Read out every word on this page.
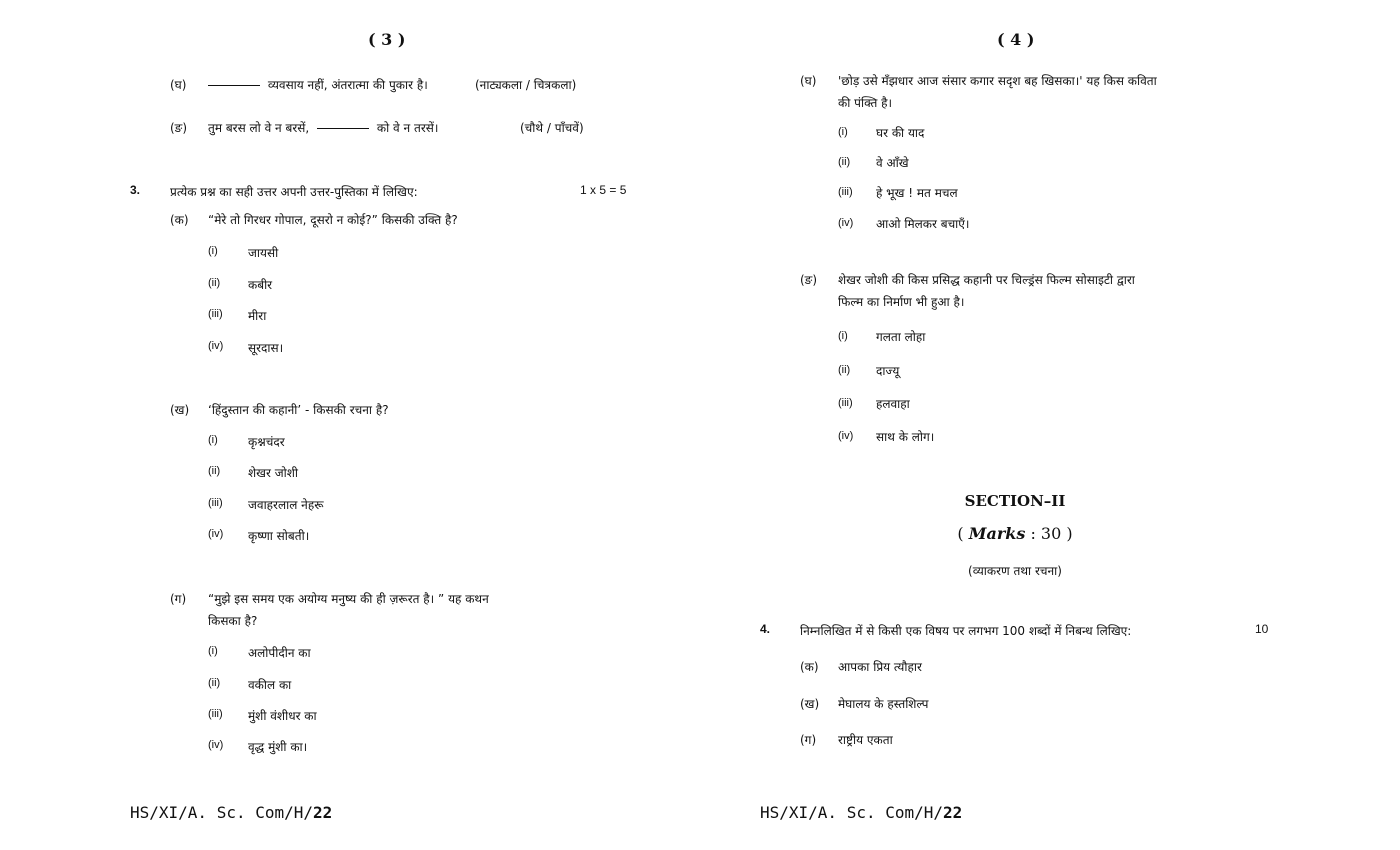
( 3 )
(घ)	व्यवसाय नहीं, अंतरात्मा की पुकार है।	(नाट्यकला / चित्रकला)
(ङ) तुम बरस लो वे न बरसें,	को वे न तरसें।	(चौथे / पाँचवें)
3. प्रत्येक प्रश्न का सही उत्तर अपनी उत्तर-पुस्तिका में लिखिए:	1 x 5 = 5
(क) “मेरे तो गिरधर गोपाल, दूसरो न कोई?” किसकी उक्ति है?
(i)	जायसी
(ii) कबीर
(iii) मीरा
(iv) सूरदास।
(ख) ‘हिंदुस्तान की कहानी’ - किसकी रचना है?
(i)	कृश्नचंदर
(ii) शेखर जोशी
(iii) जवाहरलाल नेहरू
(iv) कृष्णा सोबती।
(ग) “मुझे इस समय एक अयोग्य मनुष्य की ही ज़रूरत है। ” यह कथन
किसका है?
(i)	अलोपीदीन का
(ii) वकील का
(iii) मुंशी वंशीधर का
(iv) वृद्ध मुंशी का।
HS/XI/A. Sc. Com/H/22
( 4 )
(घ) 'छोड़ उसे मँझधार आज संसार कगार सदृश बह खिसका।' यह किस कविता
की पंक्ति है।
(i) घर की याद
(ii) वे आँखे
(iii) हे भूख ! मत मचल
(iv) आओ मिलकर बचाएँ।
(ङ) शेखर जोशी की किस प्रसिद्ध कहानी पर चिल्ड्रंस फिल्म सोसाइटी द्वारा
फिल्म का निर्माण भी हुआ है।
(i) गलता लोहा
(ii) दाज्यू
(iii) हलवाहा
(iv) साथ के लोग।
SECTION–II
( Marks : 30 )
(व्याकरण तथा रचना)
4. निम्नलिखित में से किसी एक विषय पर लगभग 100 शब्दों में निबन्ध लिखिए:	10
(क) आपका प्रिय त्यौहार
(ख) मेघालय के हस्तशिल्प
(ग) राष्ट्रीय एकता
HS/XI/A. Sc. Com/H/22
